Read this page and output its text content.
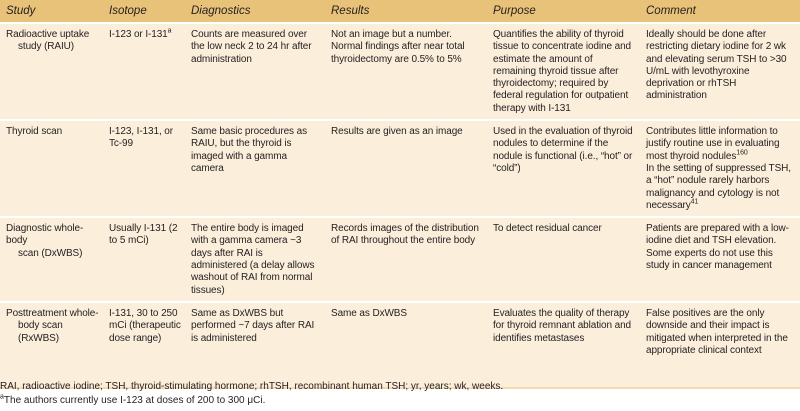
Study	Isotope	Diagnostics	Results	Purpose	Comment

Radioactive uptake
study (RAIU)	I-123 or I-131$^a$	Counts are measured over the low neck 2 to 24 hr after administration	Not an image but a number. Normal findings after near total thyroidectomy are 0.5% to 5%	Quantifies the ability of thyroid tissue to concentrate iodine and estimate the amount of remaining thyroid tissue after thyroidectomy; required by federal regulation for outpatient therapy with I-131	Ideally should be done after restricting dietary iodine for 2 wk and elevating serum TSH to >30 U/mL with levothyroxine deprivation or rhTSH administration

Thyroid scan	I-123, I-131, or Tc-99	Same basic procedures as RAIU, but the thyroid is imaged with a gamma camera	Results are given as an image	Used in the evaluation of thyroid nodules to determine if the nodule is functional (i.e., “hot” or “cold”)	Contributes little information to justify routine use in evaluating most thyroid nodules$^{160}$
In the setting of suppressed TSH, a “hot” nodule rarely harbors malignancy and cytology is not necessary$^{41}$

Diagnostic whole-body
scan (DxWBS)	Usually I-131 (2 to 5 mCi)	The entire body is imaged with a gamma camera ~3 days after RAI is administered (a delay allows washout of RAI from normal tissues)	Records images of the distribution of RAI throughout the entire body	To detect residual cancer	Patients are prepared with a low-iodine diet and TSH elevation. Some experts do not use this study in cancer management

Posttreatment whole-
body scan (RxWBS)	I-131, 30 to 250 mCi (therapeutic dose range)	Same as DxWBS but performed ~7 days after RAI is administered	Same as DxWBS	Evaluates the quality of therapy for thyroid remnant ablation and identifies metastases	False positives are the only downside and their impact is mitigated when interpreted in the appropriate clinical context
RAI, radioactive iodine; TSH, thyroid-stimulating hormone; rhTSH, recombinant human TSH; yr, years; wk, weeks.
$^a$The authors currently use I-123 at doses of 200 to 300 μCi.
